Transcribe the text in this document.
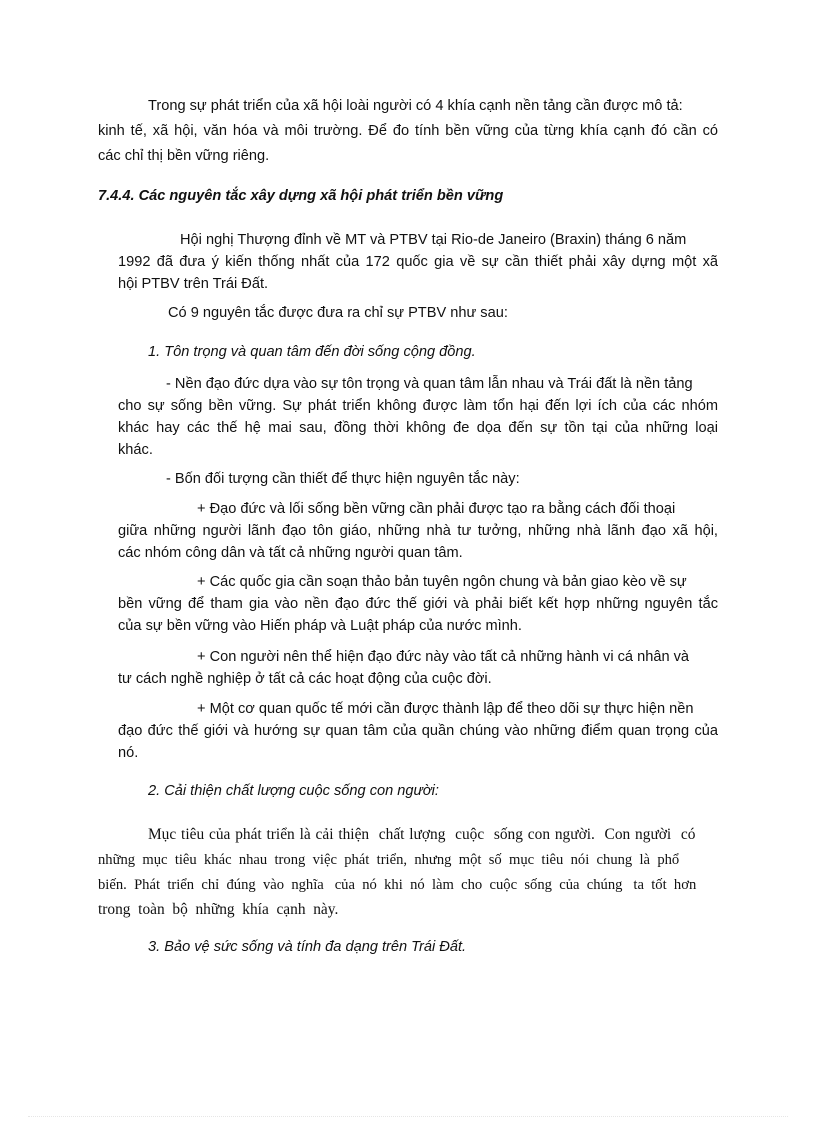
Trong sự phát triển của xã hội loài người có 4 khía cạnh nền tảng cần được mô tả:
kinh tế, xã hội, văn hóa và môi trường. Để đo tính bền vững của từng khía cạnh đó cần có
các chỉ thị bền vững riêng.
7.4.4. Các nguyên tắc xây dựng xã hội phát triển bền vững
Hội nghị Thượng đỉnh về MT và PTBV tại Rio-de Janeiro (Braxin) tháng 6 năm
1992 đã đưa ý kiến thống nhất của 172 quốc gia về sự cần thiết phải xây dựng một xã
hội PTBV trên Trái Đất.
Có 9 nguyên tắc được đưa ra chỉ sự PTBV như sau:
1. Tôn trọng và quan tâm đến đời sống cộng đồng.
- Nền đạo đức dựa vào sự tôn trọng và quan tâm lẫn nhau và Trái đất là nền tảng
cho sự sống bền vững. Sự phát triển không được làm tổn hại đến lợi ích của các nhóm
khác hay các thế hệ mai sau, đồng thời không đe dọa đến sự tồn tại của những loại
khác.
- Bốn đối tượng cần thiết để thực hiện nguyên tắc này:
+ Đạo đức và lối sống bền vững cần phải được tạo ra bằng cách đối thoại
giữa những người lãnh đạo tôn giáo, những nhà tư tưởng, những nhà lãnh đạo xã hội,
các nhóm công dân và tất cả những người quan tâm.
+ Các quốc gia cần soạn thảo bản tuyên ngôn chung và bản giao kèo về sự
bền vững để tham gia vào nền đạo đức thế giới và phải biết kết hợp những nguyên tắc
của sự bền vững vào Hiến pháp và Luật pháp của nước mình.
+ Con người nên thể hiện đạo đức này vào tất cả những hành vi cá nhân và
tư cách nghề nghiệp ở tất cả các hoạt động của cuộc đời.
+ Một cơ quan quốc tế mới cần được thành lập để theo dõi sự thực hiện nền
đạo đức thế giới và hướng sự quan tâm của quần chúng vào những điểm quan trọng của
nó.
2. Cải thiện chất lượng cuộc sống con người:
Mục tiêu của phát triển là cải thiện  chất lượng  cuộc  sống con người.  Con người  có
những  mục  tiêu  khác  nhau  trong  việc  phát  triển,  nhưng  một  số  mục  tiêu  nói  chung  là  phổ
biến.  Phát  triển  chỉ  đúng  vào  nghĩa   của  nó  khi  nó  làm  cho  cuộc  sống  của  chúng   ta  tốt  hơn
trong  toàn  bộ  những  khía  cạnh  này.
3. Bảo vệ sức sống và tính đa dạng trên Trái Đất.
